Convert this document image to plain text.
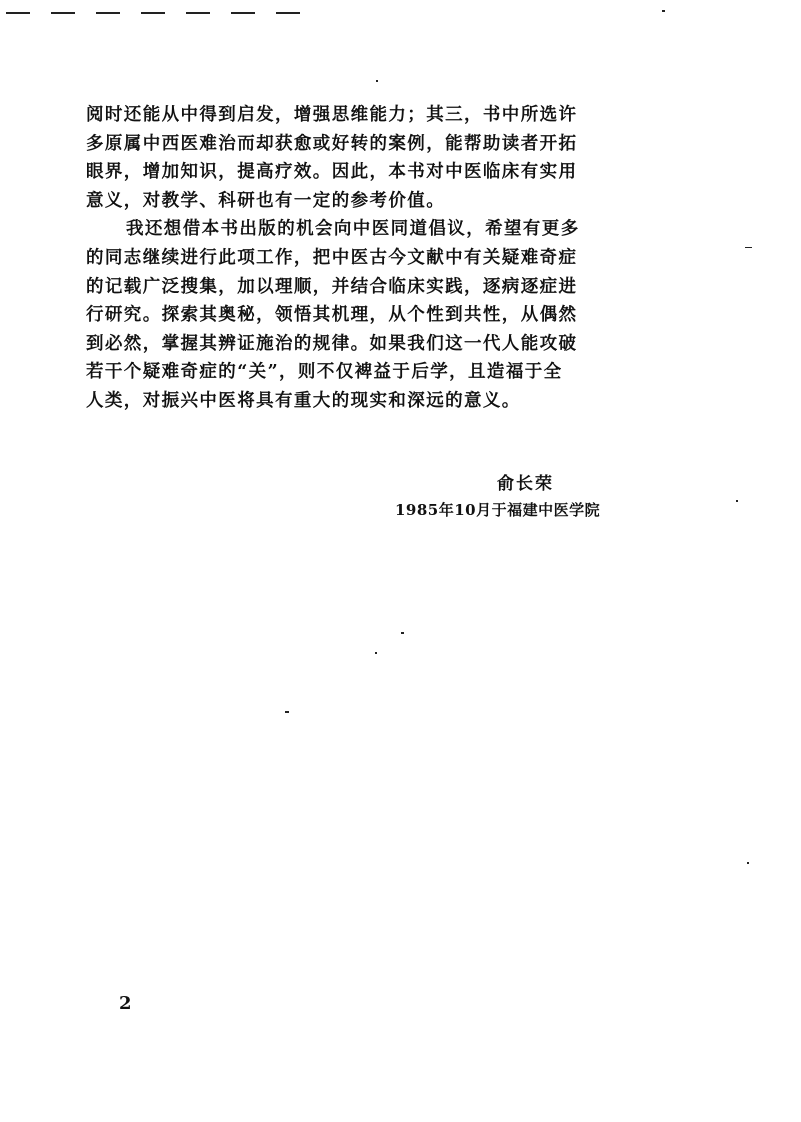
阅时还能从中得到启发，增强思维能力；其三，书中所选许
多原属中西医难治而却获愈或好转的案例，能帮助读者开拓
眼界，增加知识，提高疗效。因此，本书对中医临床有实用
意义，对教学、科研也有一定的参考价值。
我还想借本书出版的机会向中医同道倡议，希望有更多
的同志继续进行此项工作，把中医古今文献中有关疑难奇症
的记载广泛搜集，加以理顺，并结合临床实践，逐病逐症进
行研究。探索其奥秘，领悟其机理，从个性到共性，从偶然
到必然，掌握其辨证施治的规律。如果我们这一代人能攻破
若干个疑难奇症的“关”，则不仅裨益于后学，且造福于全
人类，对振兴中医将具有重大的现实和深远的意义。
俞长荣
1985年10月于福建中医学院
2
